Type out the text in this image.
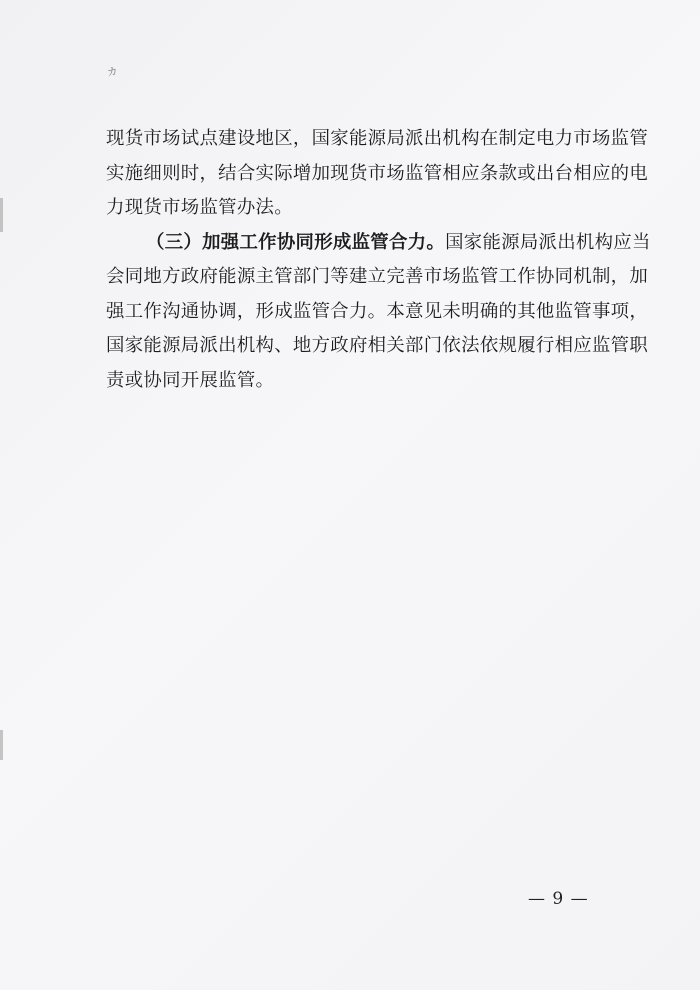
ヵ
现货市场试点建设地区，国家能源局派出机构在制定电力市场监管
实施细则时，结合实际增加现货市场监管相应条款或出台相应的电
力现货市场监管办法。
（三）加强工作协同形成监管合力。国家能源局派出机构应当
会同地方政府能源主管部门等建立完善市场监管工作协同机制，加
强工作沟通协调，形成监管合力。本意见未明确的其他监管事项，
国家能源局派出机构、地方政府相关部门依法依规履行相应监管职
责或协同开展监管。
— 9 —
